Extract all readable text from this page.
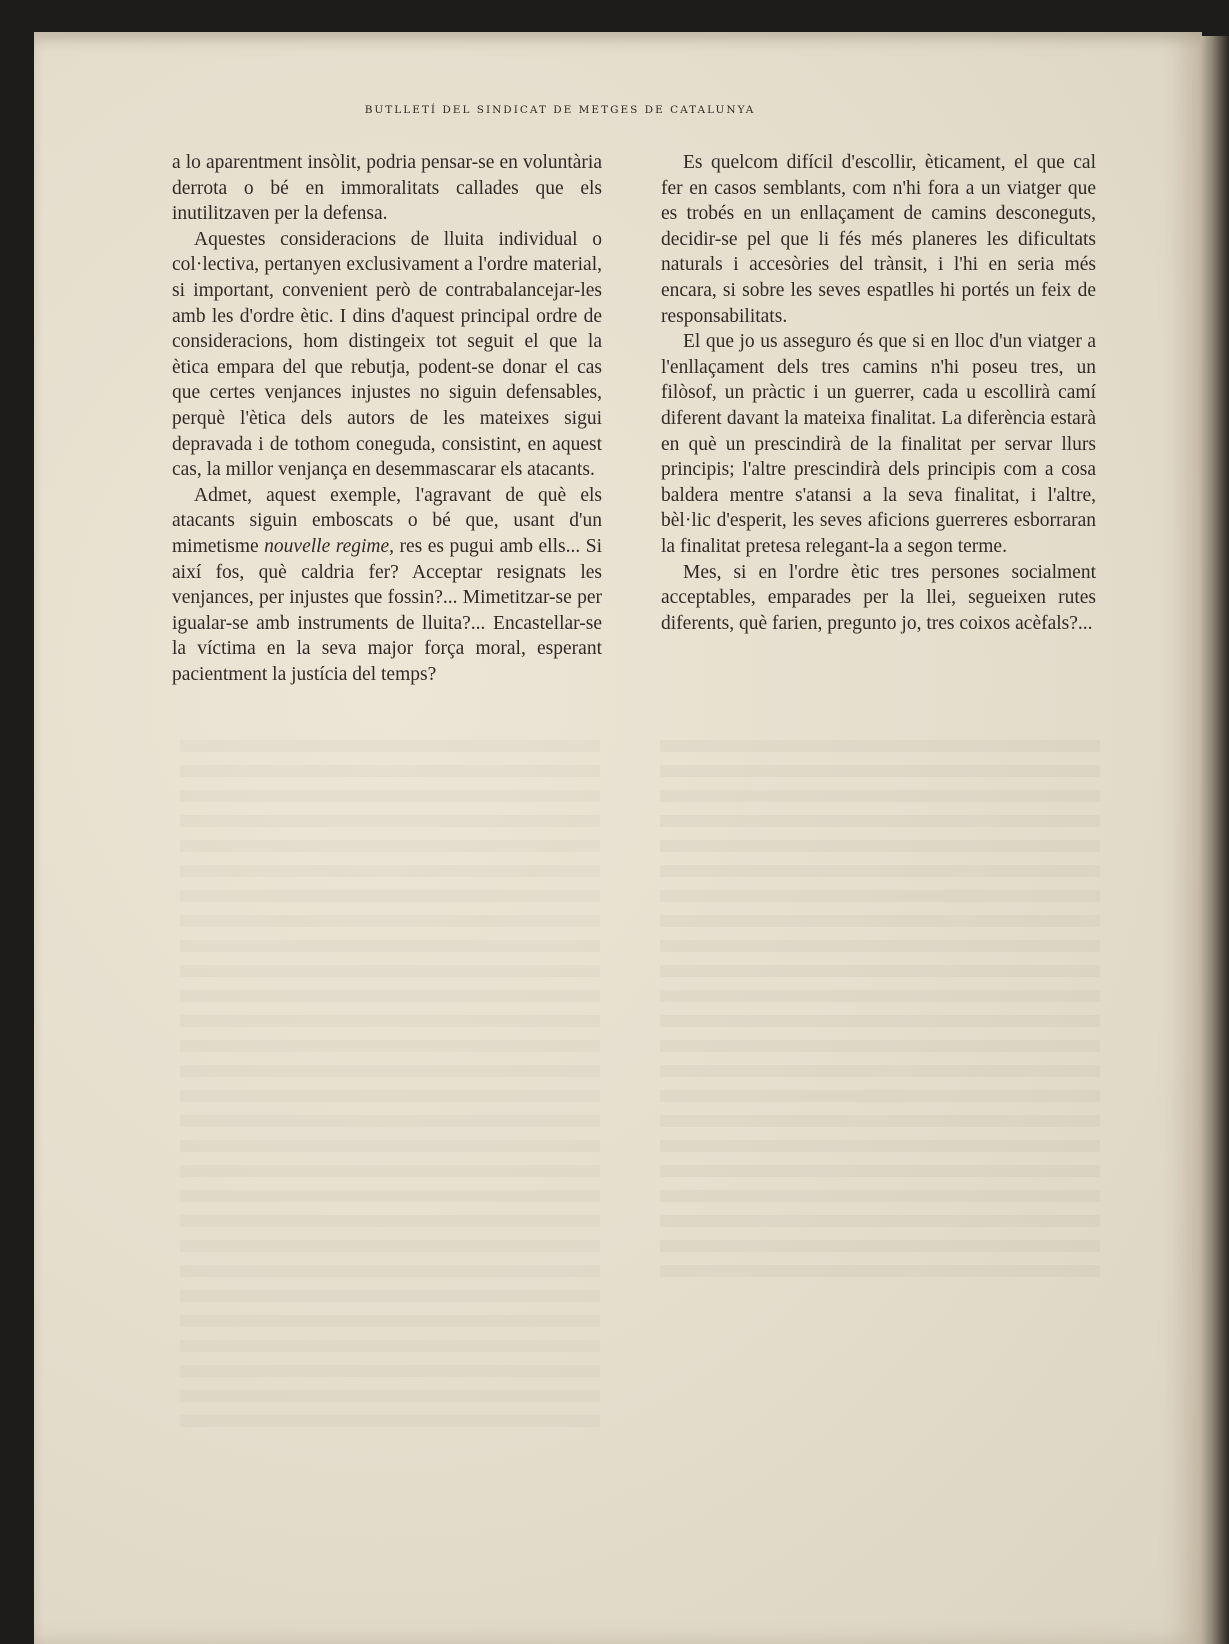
BUTLLETÍ DEL SINDICAT DE METGES DE CATALUNYA

a lo aparentment insòlit, podria pensar-se en voluntària derrota o bé en immoralitats callades que els inutilitzaven per la defensa.

Aquestes consideracions de lluita individual o col·lectiva, pertanyen exclusivament a l'ordre material, si important, convenient però de contrabalancejar-les amb les d'ordre ètic. I dins d'aquest principal ordre de consideracions, hom distingeix tot seguit el que la ètica empara del que rebutja, podent-se donar el cas que certes venjances injustes no siguin defensables, perquè l'ètica dels autors de les mateixes sigui depravada i de tothom coneguda, consistint, en aquest cas, la millor venjança en desemmascarar els atacants.

Admet, aquest exemple, l'agravant de què els atacants siguin emboscats o bé que, usant d'un mimetisme nouvelle regime, res es pugui amb ells... Si així fos, què caldria fer? Acceptar resignats les venjances, per injustes que fossin?... Mimetitzar-se per igualar-se amb instruments de lluita?... Encastellar-se la víctima en la seva major força moral, esperant pacientment la justícia del temps?

Es quelcom difícil d'escollir, èticament, el que cal fer en casos semblants, com n'hi fora a un viatger que es trobés en un enllaçament de camins desconeguts, decidir-se pel que li fés més planeres les dificultats naturals i accesòries del trànsit, i l'hi en seria més encara, si sobre les seves espatlles hi portés un feix de responsabilitats.

El que jo us asseguro és que si en lloc d'un viatger a l'enllaçament dels tres camins n'hi poseu tres, un filòsof, un pràctic i un guerrer, cada u escollirà camí diferent davant la mateixa finalitat. La diferència estarà en què un prescindirà de la finalitat per servar llurs principis; l'altre prescindirà dels principis com a cosa baldera mentre s'atansi a la seva finalitat, i l'altre, bèl·lic d'esperit, les seves aficions guerreres esborraran la finalitat pretesa relegant-la a segon terme.

Mes, si en l'ordre ètic tres persones socialment acceptables, emparades per la llei, segueixen rutes diferents, què farien, pregunto jo, tres coixos acèfals?...
